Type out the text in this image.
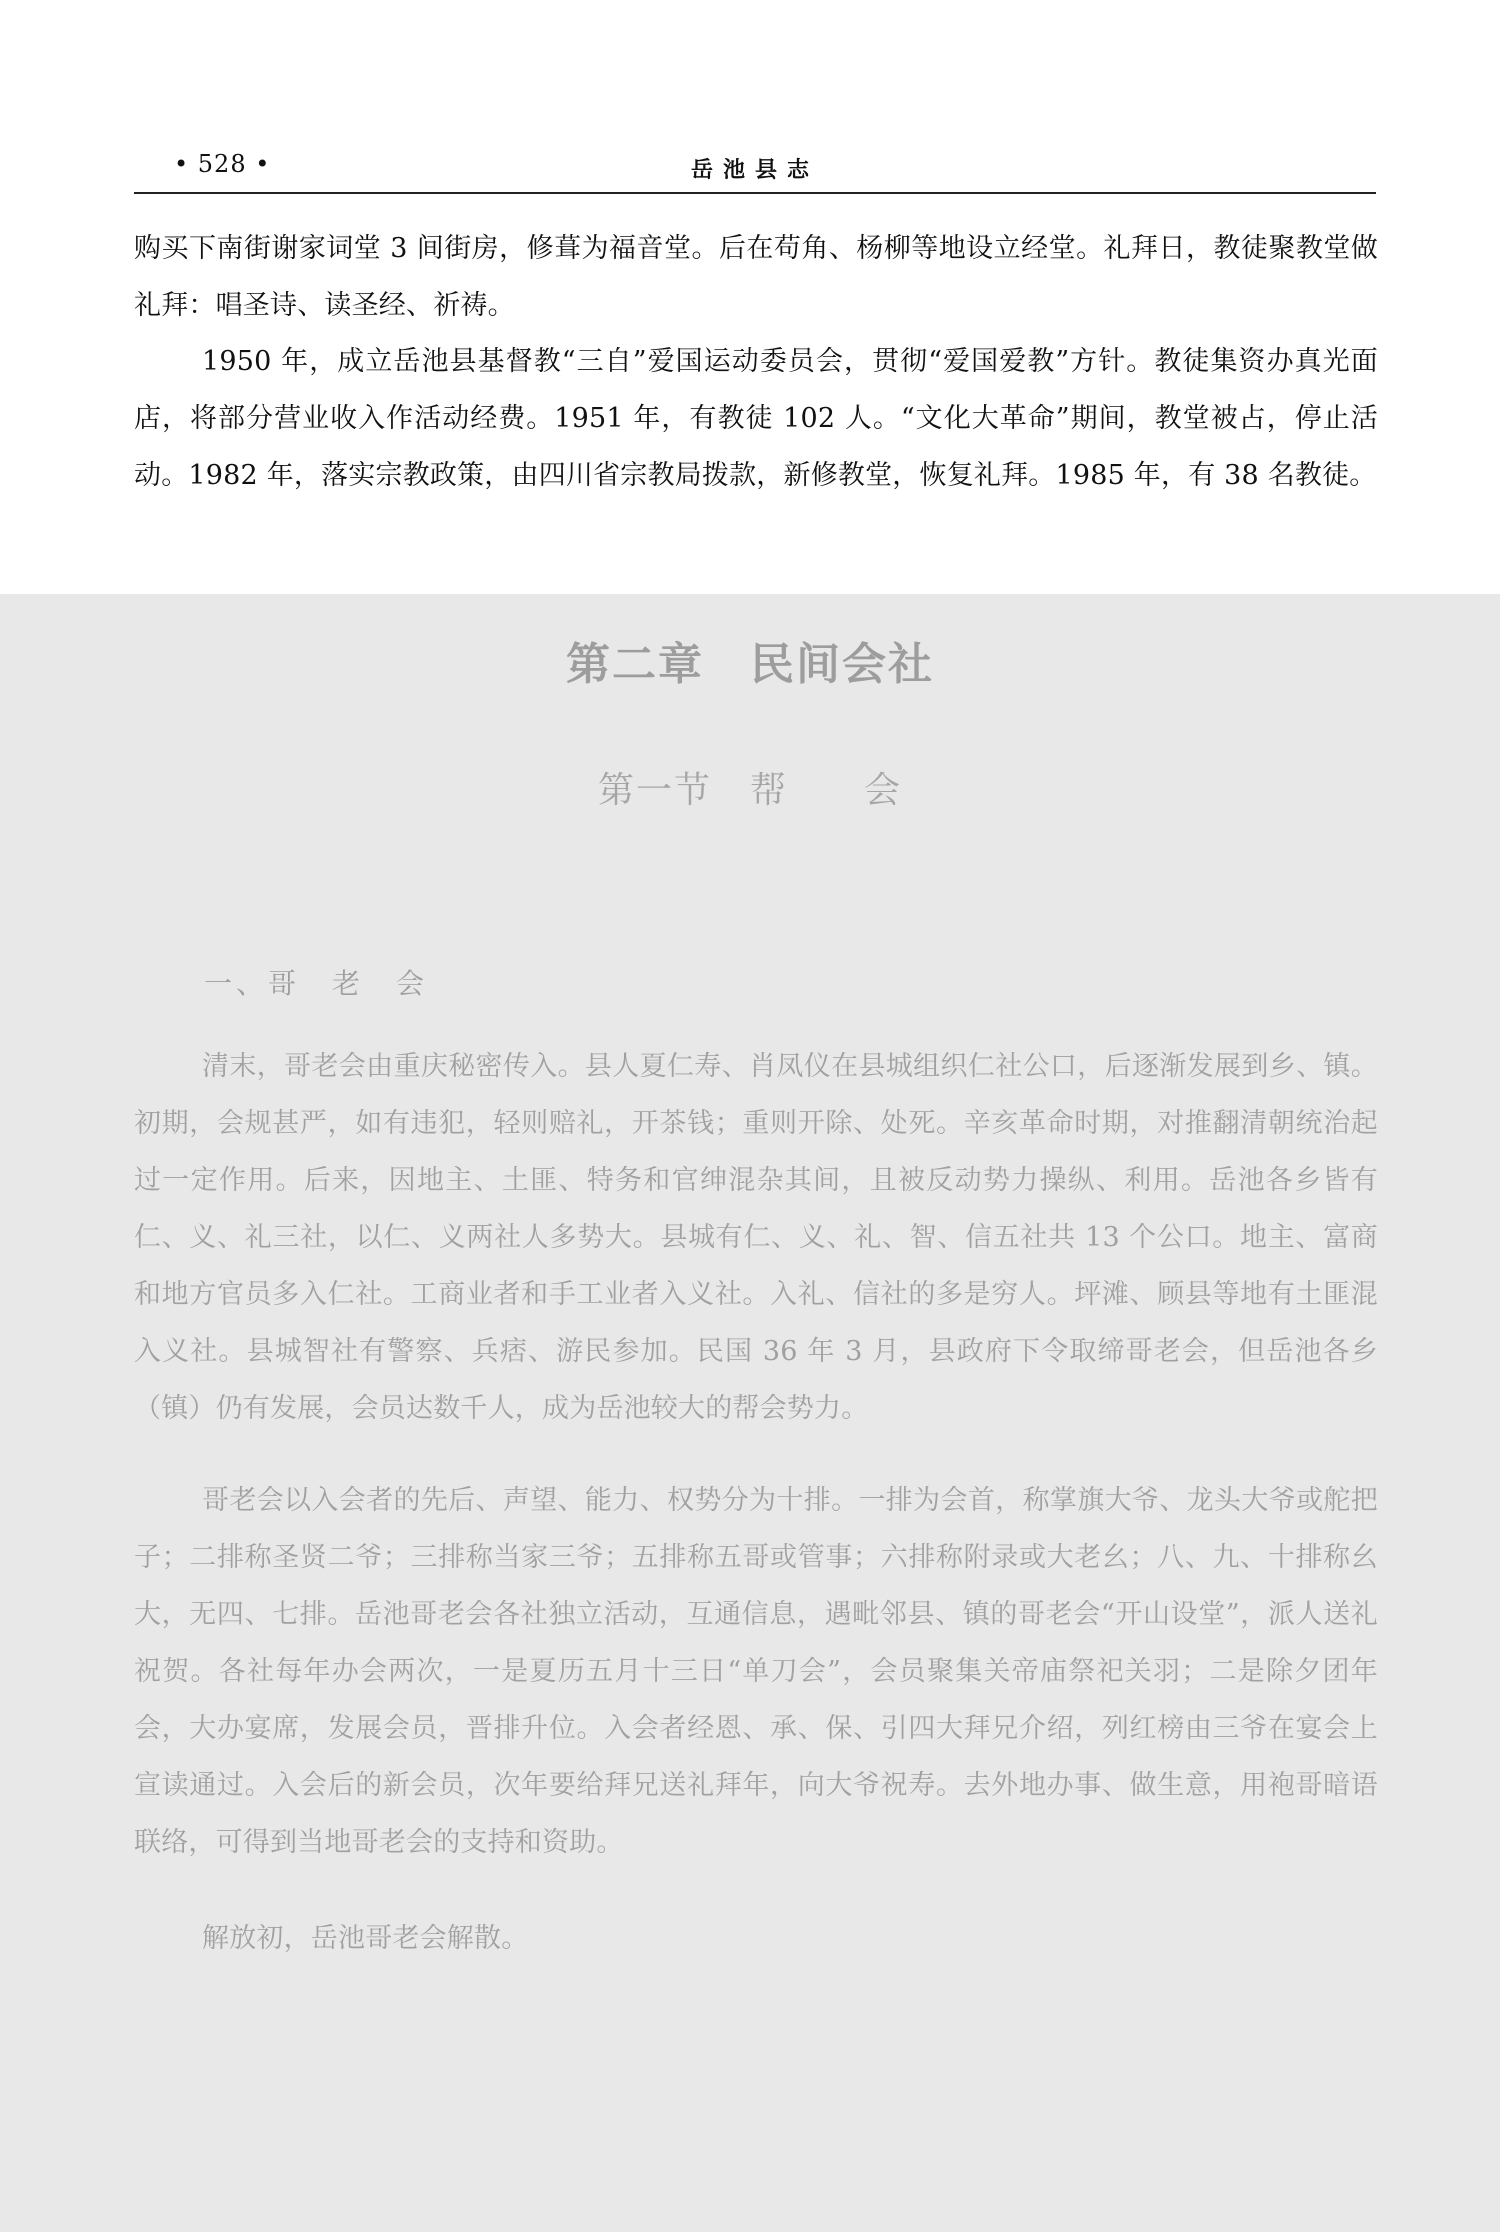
• 528 •	岳池县志

购买下南街谢家词堂 3 间街房，修葺为福音堂。后在苟角、杨柳等地设立经堂。礼拜日，教徒聚教堂做礼拜：唱圣诗、读圣经、祈祷。

1950 年，成立岳池县基督教“三自”爱国运动委员会，贯彻“爱国爱教”方针。教徒集资办真光面店，将部分营业收入作活动经费。1951 年，有教徒 102 人。“文化大革命”期间，教堂被占，停止活动。1982 年，落实宗教政策，由四川省宗教局拨款，新修教堂，恢复礼拜。1985 年，有 38 名教徒。

第二章　民间会社
第一节　帮　　会
一、哥　老　会

清末，哥老会由重庆秘密传入。县人夏仁寿、肖凤仪在县城组织仁社公口，后逐渐发展到乡、镇。初期，会规甚严，如有违犯，轻则赔礼，开茶钱；重则开除、处死。辛亥革命时期，对推翻清朝统治起过一定作用。后来，因地主、土匪、特务和官绅混杂其间，且被反动势力操纵、利用。岳池各乡皆有仁、义、礼三社，以仁、义两社人多势大。县城有仁、义、礼、智、信五社共 13 个公口。地主、富商和地方官员多入仁社。工商业者和手工业者入义社。入礼、信社的多是穷人。坪滩、顾县等地有土匪混入义社。县城智社有警察、兵痞、游民参加。民国 36 年 3 月，县政府下令取缔哥老会，但岳池各乡（镇）仍有发展，会员达数千人，成为岳池较大的帮会势力。

哥老会以入会者的先后、声望、能力、权势分为十排。一排为会首，称掌旗大爷、龙头大爷或舵把子；二排称圣贤二爷；三排称当家三爷；五排称五哥或管事；六排称附录或大老幺；八、九、十排称幺大，无四、七排。岳池哥老会各社独立活动，互通信息，遇毗邻县、镇的哥老会“开山设堂”，派人送礼祝贺。各社每年办会两次，一是夏历五月十三日“单刀会”，会员聚集关帝庙祭祀关羽；二是除夕团年会，大办宴席，发展会员，晋排升位。入会者经恩、承、保、引四大拜兄介绍，列红榜由三爷在宴会上宣读通过。入会后的新会员，次年要给拜兄送礼拜年，向大爷祝寿。去外地办事、做生意，用袍哥暗语联络，可得到当地哥老会的支持和资助。

解放初，岳池哥老会解散。
